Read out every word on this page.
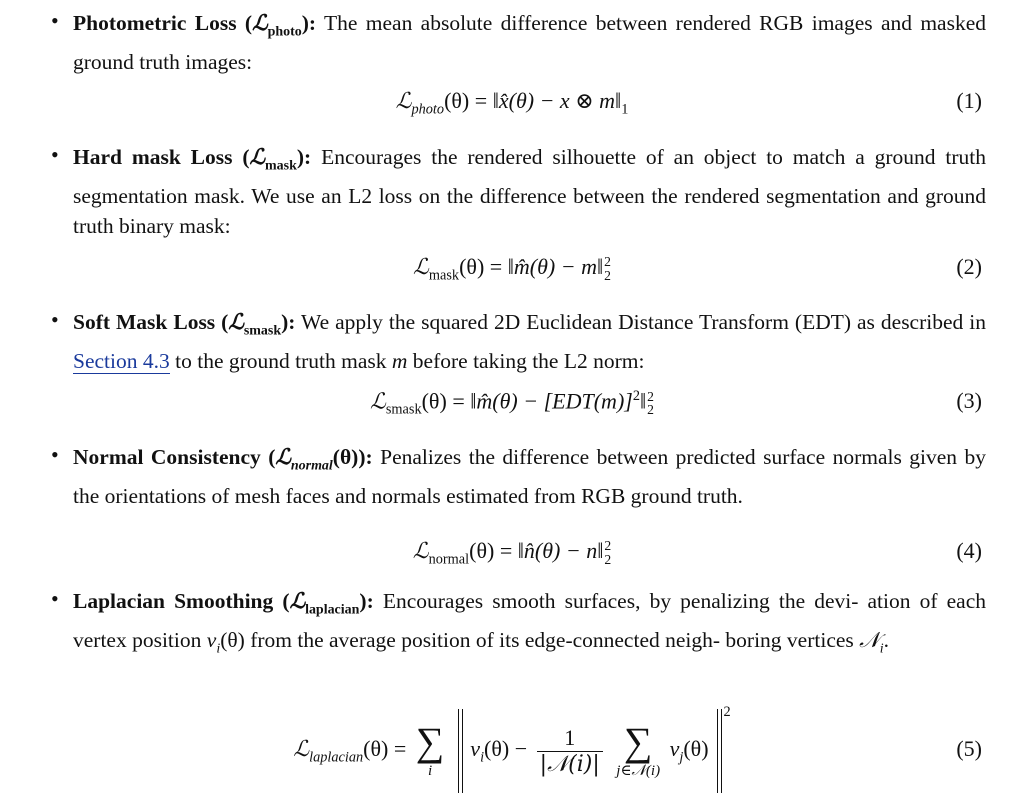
• Photometric Loss (ℒ$_{photo}$): The mean absolute difference between rendered RGB images and masked ground truth images:
ℒ$_{photo}$(θ) = ‖x̂(θ) − x ⊗ $m‖_1$	(1)
• Hard mask Loss (ℒ$_{mask}$): Encourages the rendered silhouette of an object to match a ground truth segmentation mask. We use an L2 loss on the difference between the rendered segmentation and ground truth binary mask:
ℒ$_{mask}$(θ) = ‖m̂(θ) − m‖ 2
2	(2)
• Soft Mask Loss (ℒ$_{smask}$): We apply the squared 2D Euclidean Distance Transform (EDT) as described in Section 4.3 to the ground truth mask m before taking the L2 norm:
ℒ$_{smask}$(θ) = ‖m̂(θ) − $[EDT(m)]^2‖$ 2
2	(3)
• Normal Consistency (ℒ$_{normal}$(θ)): Penalizes the difference between predicted surface normals given by the orientations of mesh faces and normals estimated from RGB ground truth.
ℒ$_{normal}$(θ) = ‖n̂(θ) − n‖ 2
2	(4)
• Laplacian Smoothing (ℒ$_{laplacian}$): Encourages smooth surfaces, by penalizing the devi- ation of each vertex position $v_i(\theta)$ from the average position of its edge-connected neigh- boring vertices 𝒩$_i$.
ℒ$_{laplacian}$(θ) = ∑
i
$v_i(\theta) - \frac{1}{\text{|𝒩(i)|}}$
∑
j∈𝒩(i)
$v_j(\theta)^2$
(5)
